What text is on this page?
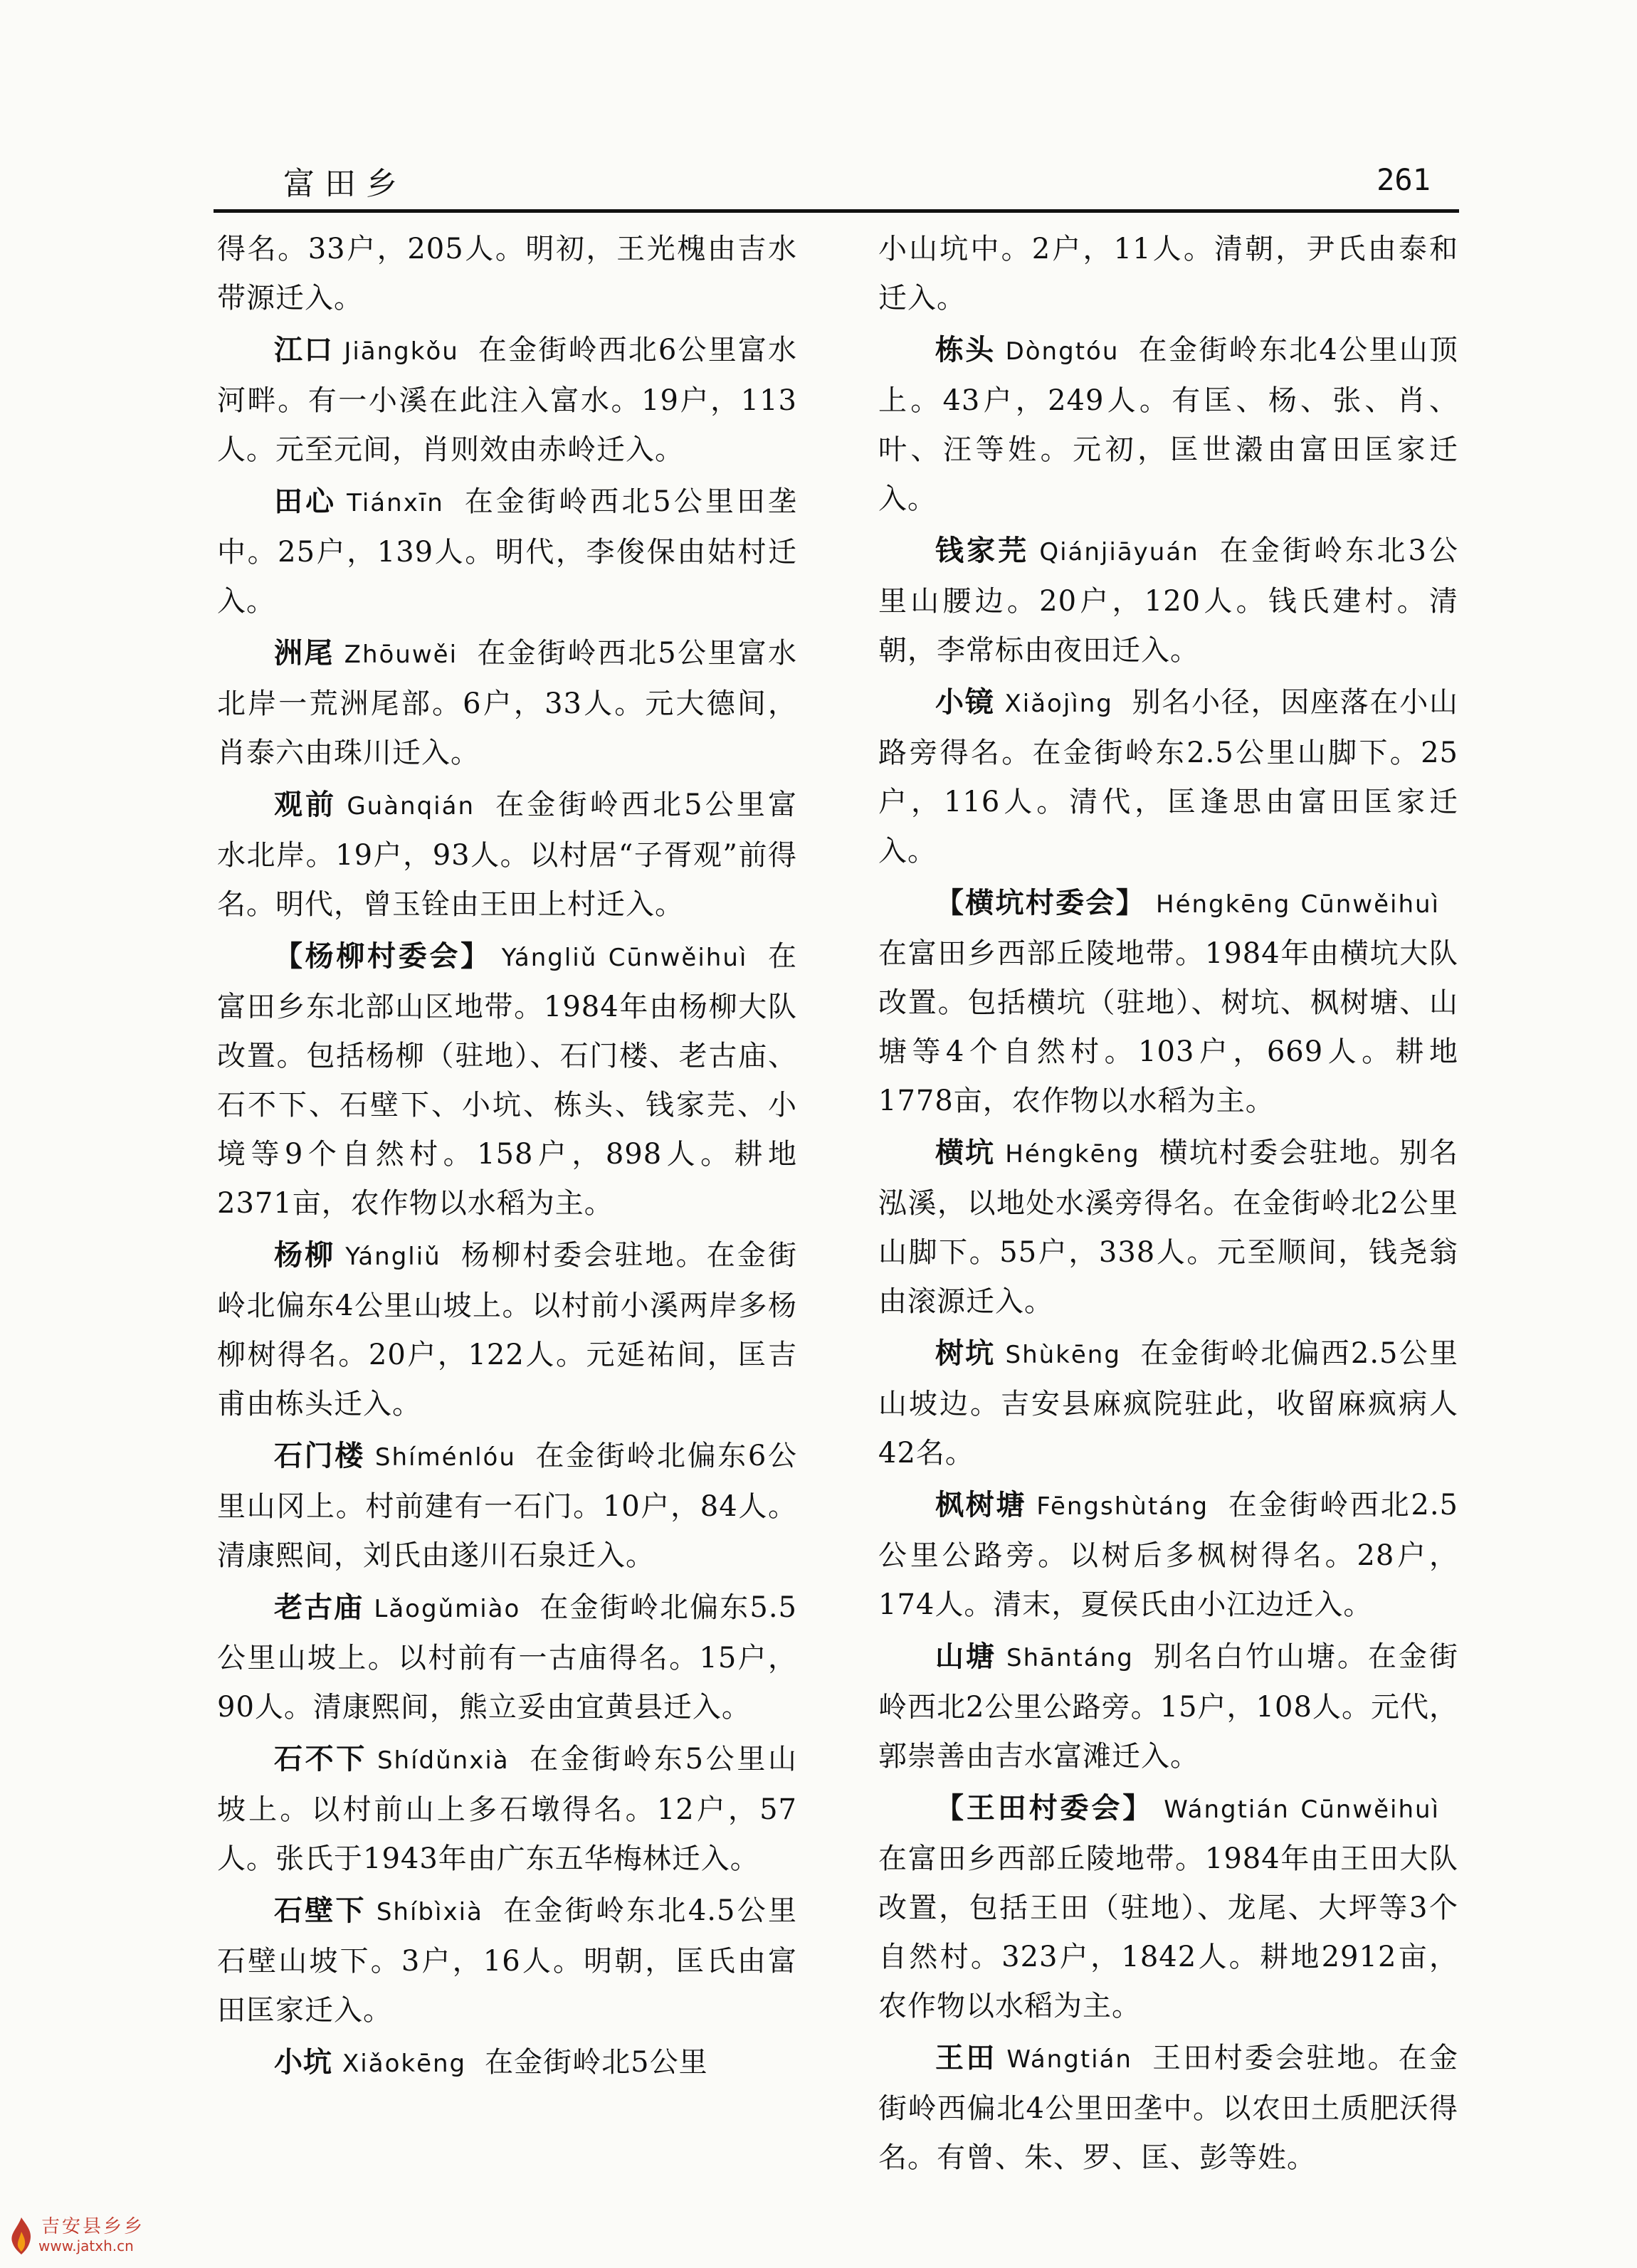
富田乡	261

得名。33户，205人。明初，王光槐由吉水带源迁入。

江口 Jiāngkǒu 在金街岭西北6公里富水河畔。有一小溪在此注入富水。19户，113人。元至元间，肖则效由赤岭迁入。

田心 Tiánxīn 在金街岭西北5公里田垄中。25户，139人。明代，李俊保由姑村迁入。

洲尾 Zhōuwěi 在金街岭西北5公里富水北岸一荒洲尾部。6户，33人。元大德间，肖泰六由珠川迁入。

观前 Guànqián 在金街岭西北5公里富水北岸。19户，93人。以村居“子胥观”前得名。明代，曾玉铨由王田上村迁入。

【杨柳村委会】 Yángliǔ Cūnwěihuì 在富田乡东北部山区地带。1984年由杨柳大队改置。包括杨柳（驻地）、石门楼、老古庙、石不下、石壁下、小坑、栋头、钱家芫、小境等9个自然村。158户，898人。耕地2371亩，农作物以水稻为主。

杨柳 Yángliǔ 杨柳村委会驻地。在金街岭北偏东4公里山坡上。以村前小溪两岸多杨柳树得名。20户，122人。元延祐间，匡吉甫由栋头迁入。

石门楼 Shíménlóu 在金街岭北偏东6公里山冈上。村前建有一石门。10户，84人。清康熙间，刘氏由遂川石泉迁入。

老古庙 Lǎogǔmiào 在金街岭北偏东5.5公里山坡上。以村前有一古庙得名。15户，90人。清康熙间，熊立妥由宜黄县迁入。

石不下 Shídǔnxià 在金街岭东5公里山坡上。以村前山上多石墩得名。12户，57人。张氏于1943年由广东五华梅林迁入。

石壁下 Shíbìxià 在金街岭东北4.5公里石壁山坡下。3户，16人。明朝，匡氏由富田匡家迁入。

小坑 Xiǎokēng 在金街岭北5公里

小山坑中。2户，11人。清朝，尹氏由泰和迁入。

栋头 Dòngtóu 在金街岭东北4公里山顶上。43户，249人。有匡、杨、张、肖、叶、汪等姓。元初，匡世濲由富田匡家迁入。

钱家芫 Qiánjiāyuán 在金街岭东北3公里山腰边。20户，120人。钱氏建村。清朝，李常标由夜田迁入。

小镜 Xiǎojìng 别名小径，因座落在小山路旁得名。在金街岭东2.5公里山脚下。25户，116人。清代，匡逢思由富田匡家迁入。

【横坑村委会】 Héngkēng Cūnwěihuì在富田乡西部丘陵地带。1984年由横坑大队改置。包括横坑（驻地）、树坑、枫树塘、山塘等4个自然村。103户，669人。耕地1778亩，农作物以水稻为主。

横坑 Héngkēng 横坑村委会驻地。别名泓溪，以地处水溪旁得名。在金街岭北2公里山脚下。55户，338人。元至顺间，钱尧翁由滚源迁入。

树坑 Shùkēng 在金街岭北偏西2.5公里山坡边。吉安县麻疯院驻此，收留麻疯病人42名。

枫树塘 Fēngshùtáng 在金街岭西北2.5公里公路旁。以树后多枫树得名。28户，174人。清末，夏侯氏由小江边迁入。

山塘 Shāntáng 别名白竹山塘。在金街岭西北2公里公路旁。15户，108人。元代，郭崇善由吉水富滩迁入。

【王田村委会】 Wángtián Cūnwěihuì在富田乡西部丘陵地带。1984年由王田大队改置，包括王田（驻地）、龙尾、大坪等3个自然村。323户，1842人。耕地2912亩，农作物以水稻为主。

王田 Wángtián 王田村委会驻地。在金街岭西偏北4公里田垄中。以农田土质肥沃得名。有曾、朱、罗、匡、彭等姓。

吉安县乡乡
www.jatxh.cn
